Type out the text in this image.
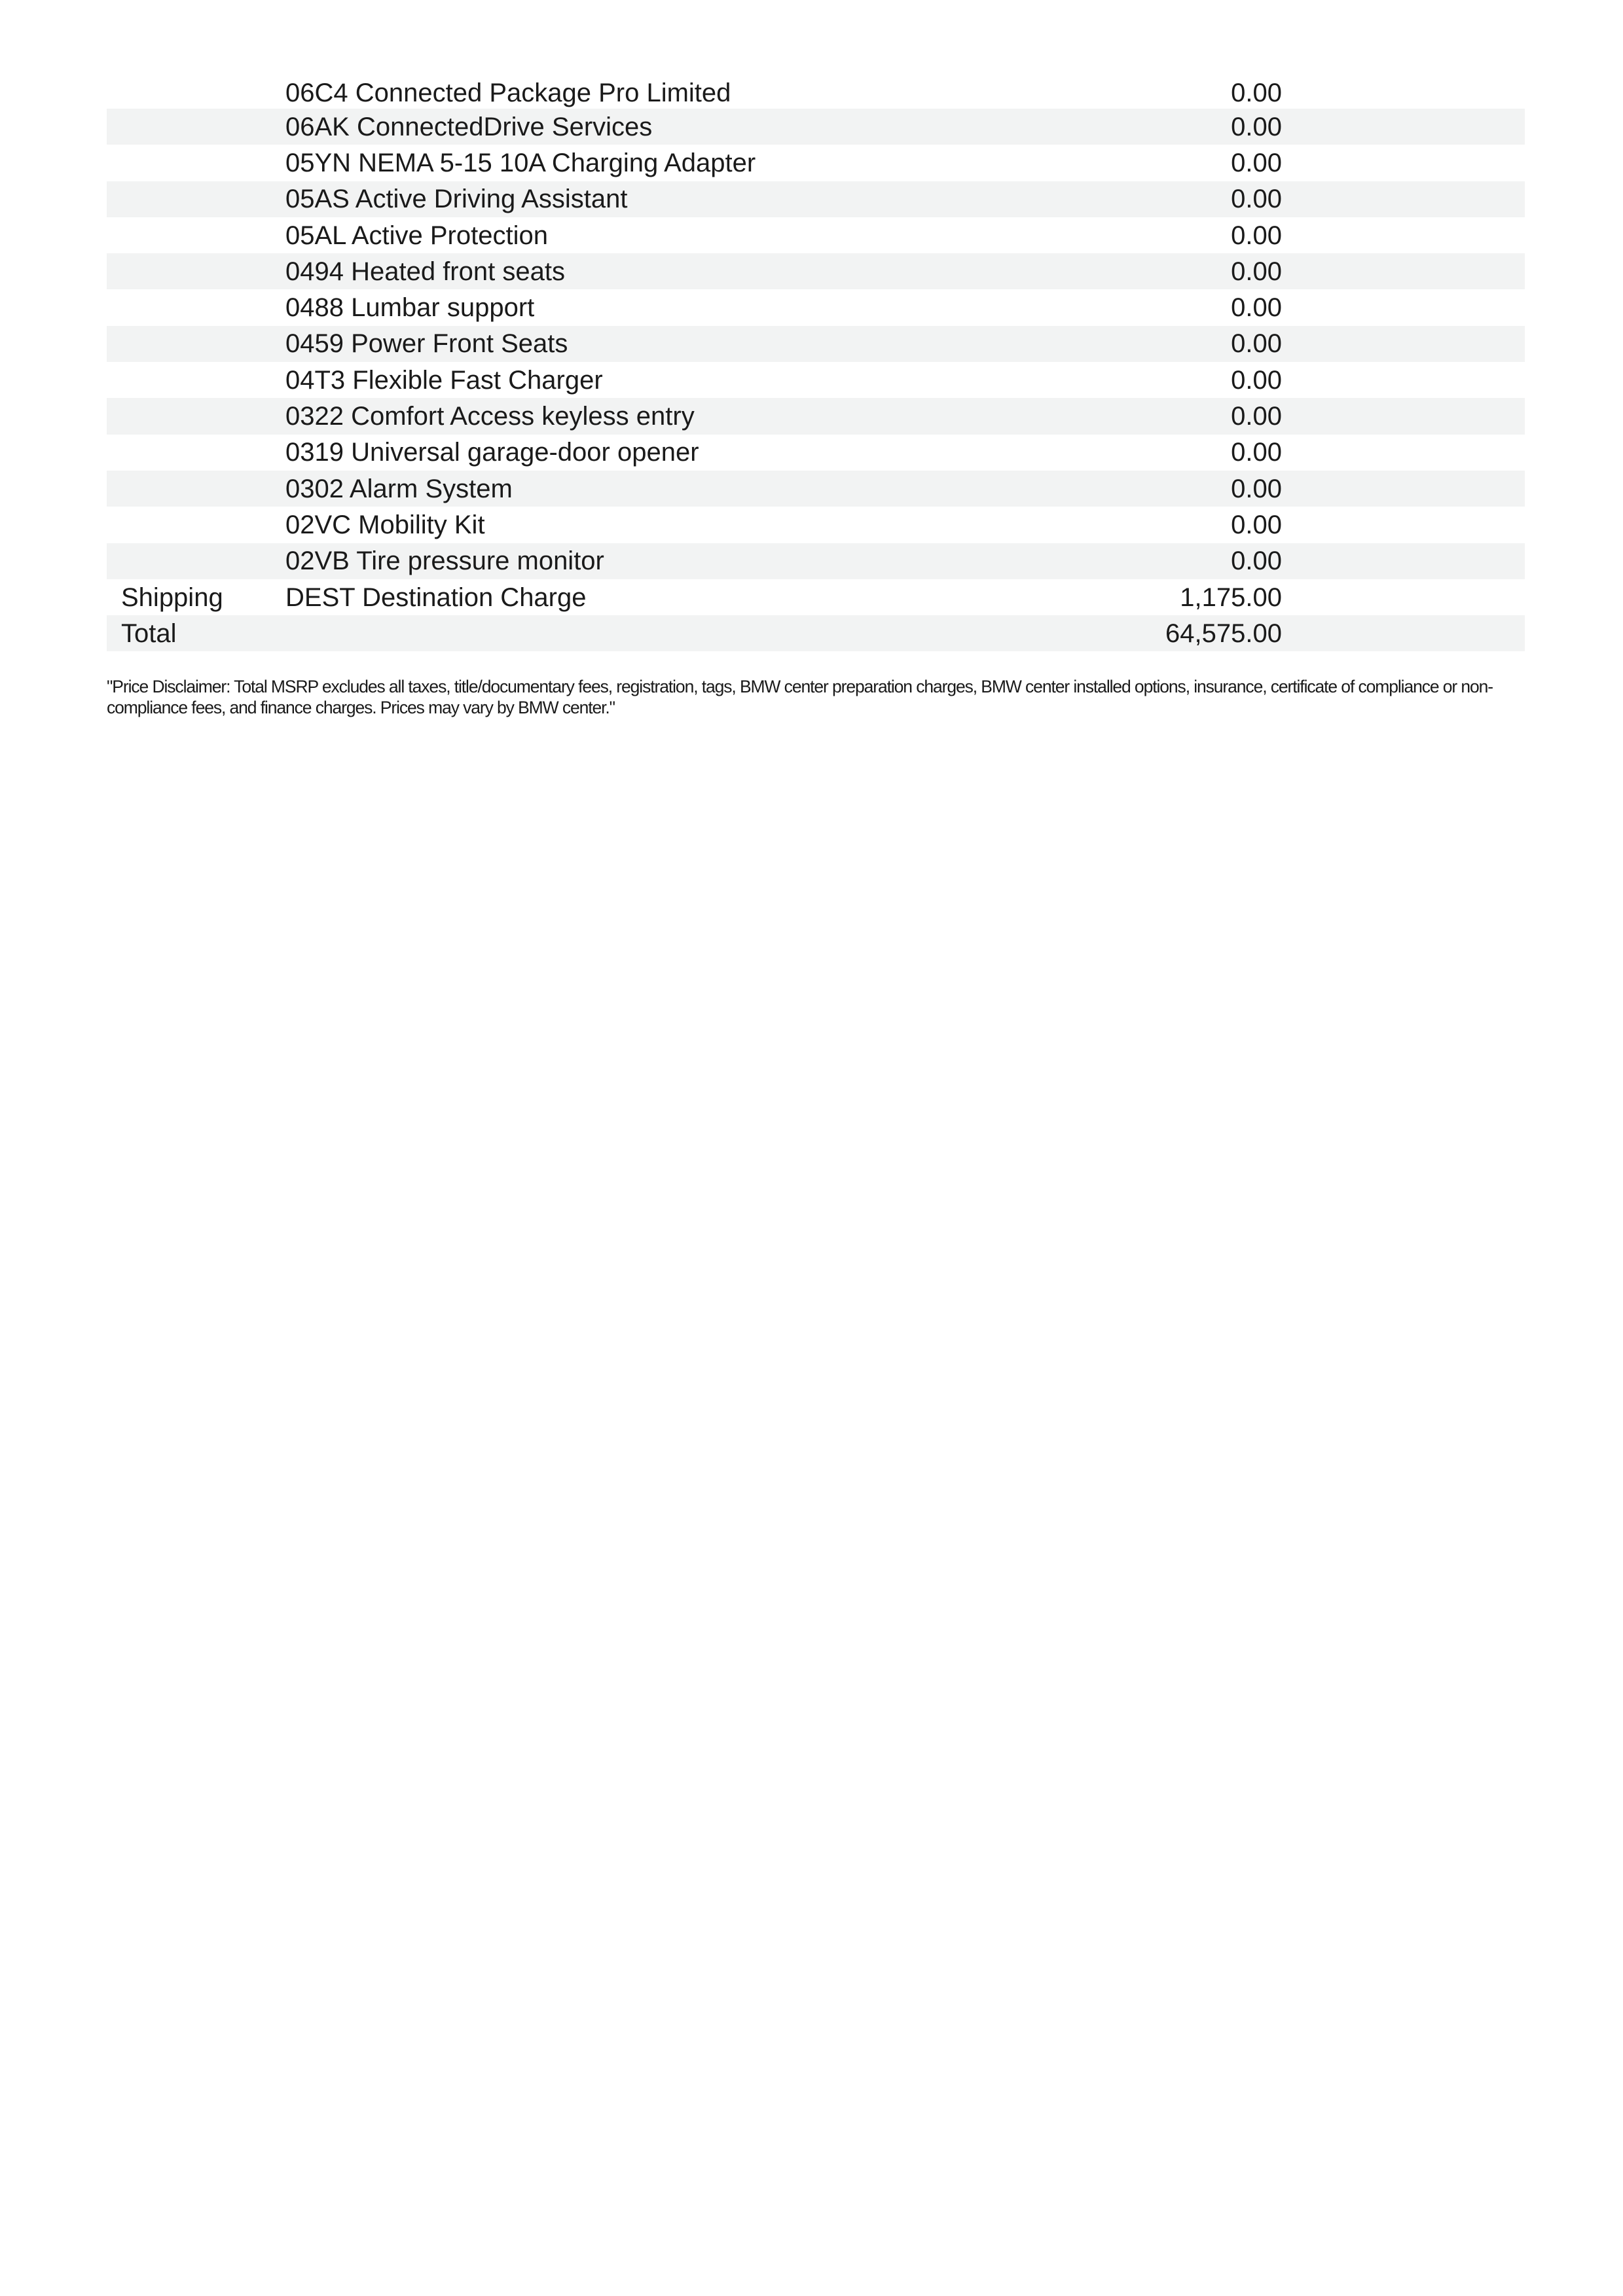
06C4 Connected Package Pro Limited	0.00
06AK ConnectedDrive Services	0.00
05YN NEMA 5-15 10A Charging Adapter	0.00
05AS Active Driving Assistant	0.00
05AL Active Protection	0.00
0494 Heated front seats	0.00
0488 Lumbar support	0.00
0459 Power Front Seats	0.00
04T3 Flexible Fast Charger	0.00
0322 Comfort Access keyless entry	0.00
0319 Universal garage-door opener	0.00
0302 Alarm System	0.00
02VC Mobility Kit	0.00
02VB Tire pressure monitor	0.00
Shipping DEST Destination Charge	1,175.00
Total	64,575.00
"Price Disclaimer: Total MSRP excludes all taxes, title/documentary fees, registration, tags, BMW center preparation charges, BMW center installed options, insurance, certificate of compliance or non-compliance fees, and finance charges. Prices may vary by BMW center."
